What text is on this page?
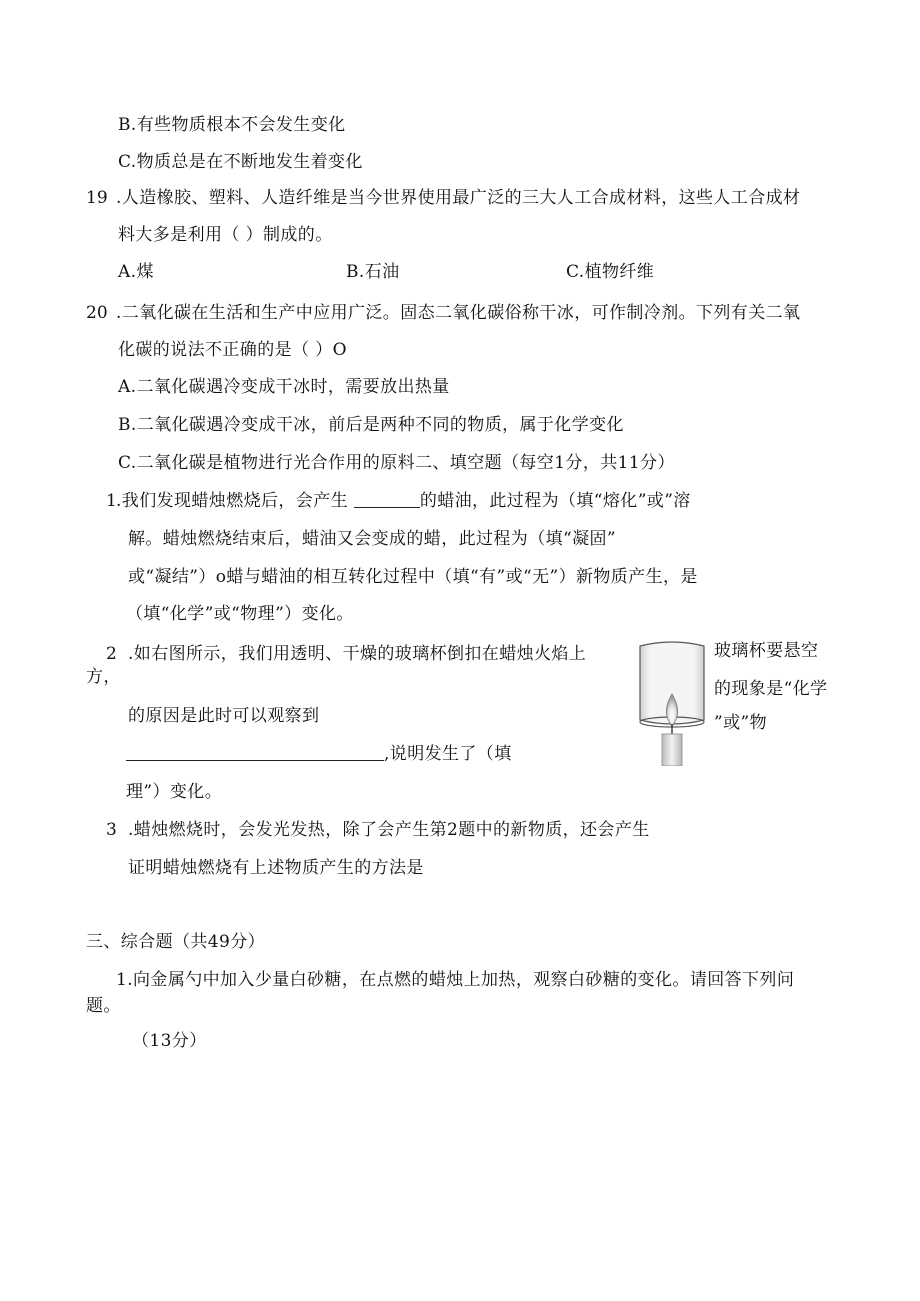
B.有些物质根本不会发生变化
C.物质总是在不断地发生着变化
19 .人造橡胶、塑料、人造纤维是当今世界使用最广泛的三大人工合成材料，这些人工合成材
料大多是利用（ ）制成的。
A.煤	B.石油	C.植物纤维
20 .二氧化碳在生活和生产中应用广泛。固态二氧化碳俗称干冰，可作制冷剂。下列有关二氧
化碳的说法不正确的是（ ）O
A.二氧化碳遇冷变成干冰时，需要放出热量
B.二氧化碳遇冷变成干冰，前后是两种不同的物质，属于化学变化
C.二氧化碳是植物进行光合作用的原料二、填空题（每空1分，共11分）
1 .我们发现蜡烛燃烧后，会产生	的蜡油，此过程为（填“熔化”或”溶
解。蜡烛燃烧结束后，蜡油又会变成的蜡，此过程为（填“凝固”
或“凝结”）o蜡与蜡油的相互转化过程中（填“有”或“无”）新物质产生，是
（填“化学”或“物理”）变化。
2 .如右图所示，我们用透明、干燥的玻璃杯倒扣在蜡烛火焰上
方，
的原因是此时可以观察到
,说明发生了（填
理”）变化。
玻璃杯要悬空
的现象是“化学
”或”物
3 .蜡烛燃烧时，会发光发热，除了会产生第2题中的新物质，还会产生
证明蜡烛燃烧有上述物质产生的方法是
三、综合题（共49分）
1.向金属勺中加入少量白砂糖，在点燃的蜡烛上加热，观察白砂糖的变化。请回答下列问
题。
（13分）
